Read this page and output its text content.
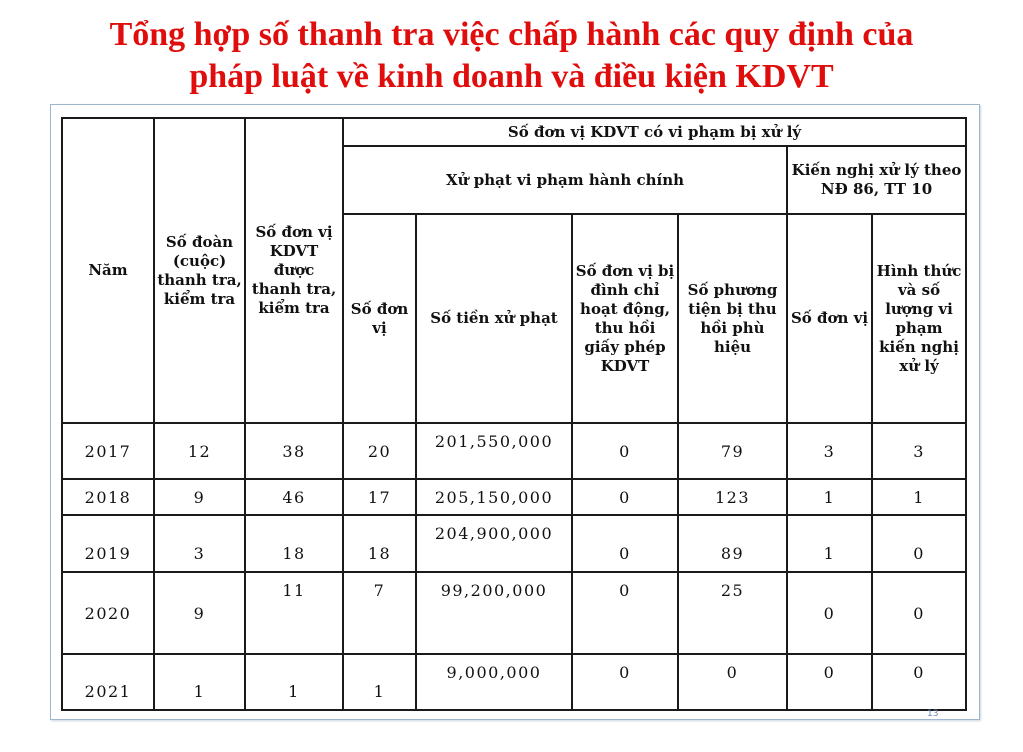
Tổng hợp số thanh tra việc chấp hành các quy định của
pháp luật về kinh doanh và điều kiện KDVT
Năm	Số đoàn (cuộc) thanh tra, kiểm tra	Số đơn vị KDVT được thanh tra, kiểm tra	Số đơn vị KDVT có vi phạm bị xử lý					
			Xử phạt vi phạm hành chính				Kiến nghị xử lý theo NĐ 86, TT 10	
			Số đơn vị	Số tiền xử phạt	Số đơn vị bị đình chỉ hoạt động, thu hồi giấy phép KDVT	Số phương tiện bị thu hồi phù hiệu	Số đơn vị	Hình thức và số lượng vi phạm kiến nghị xử lý
2017	12	38	20	201,550,000	0	79	3	3
2018	9	46	17	205,150,000	0	123	1	1
2019	3	18	18	204,900,000	0	89	1	0
2020	9	11	7	99,200,000	0	25	0	0
2021	1	1	1	9,000,000	0	0	0	0
13
